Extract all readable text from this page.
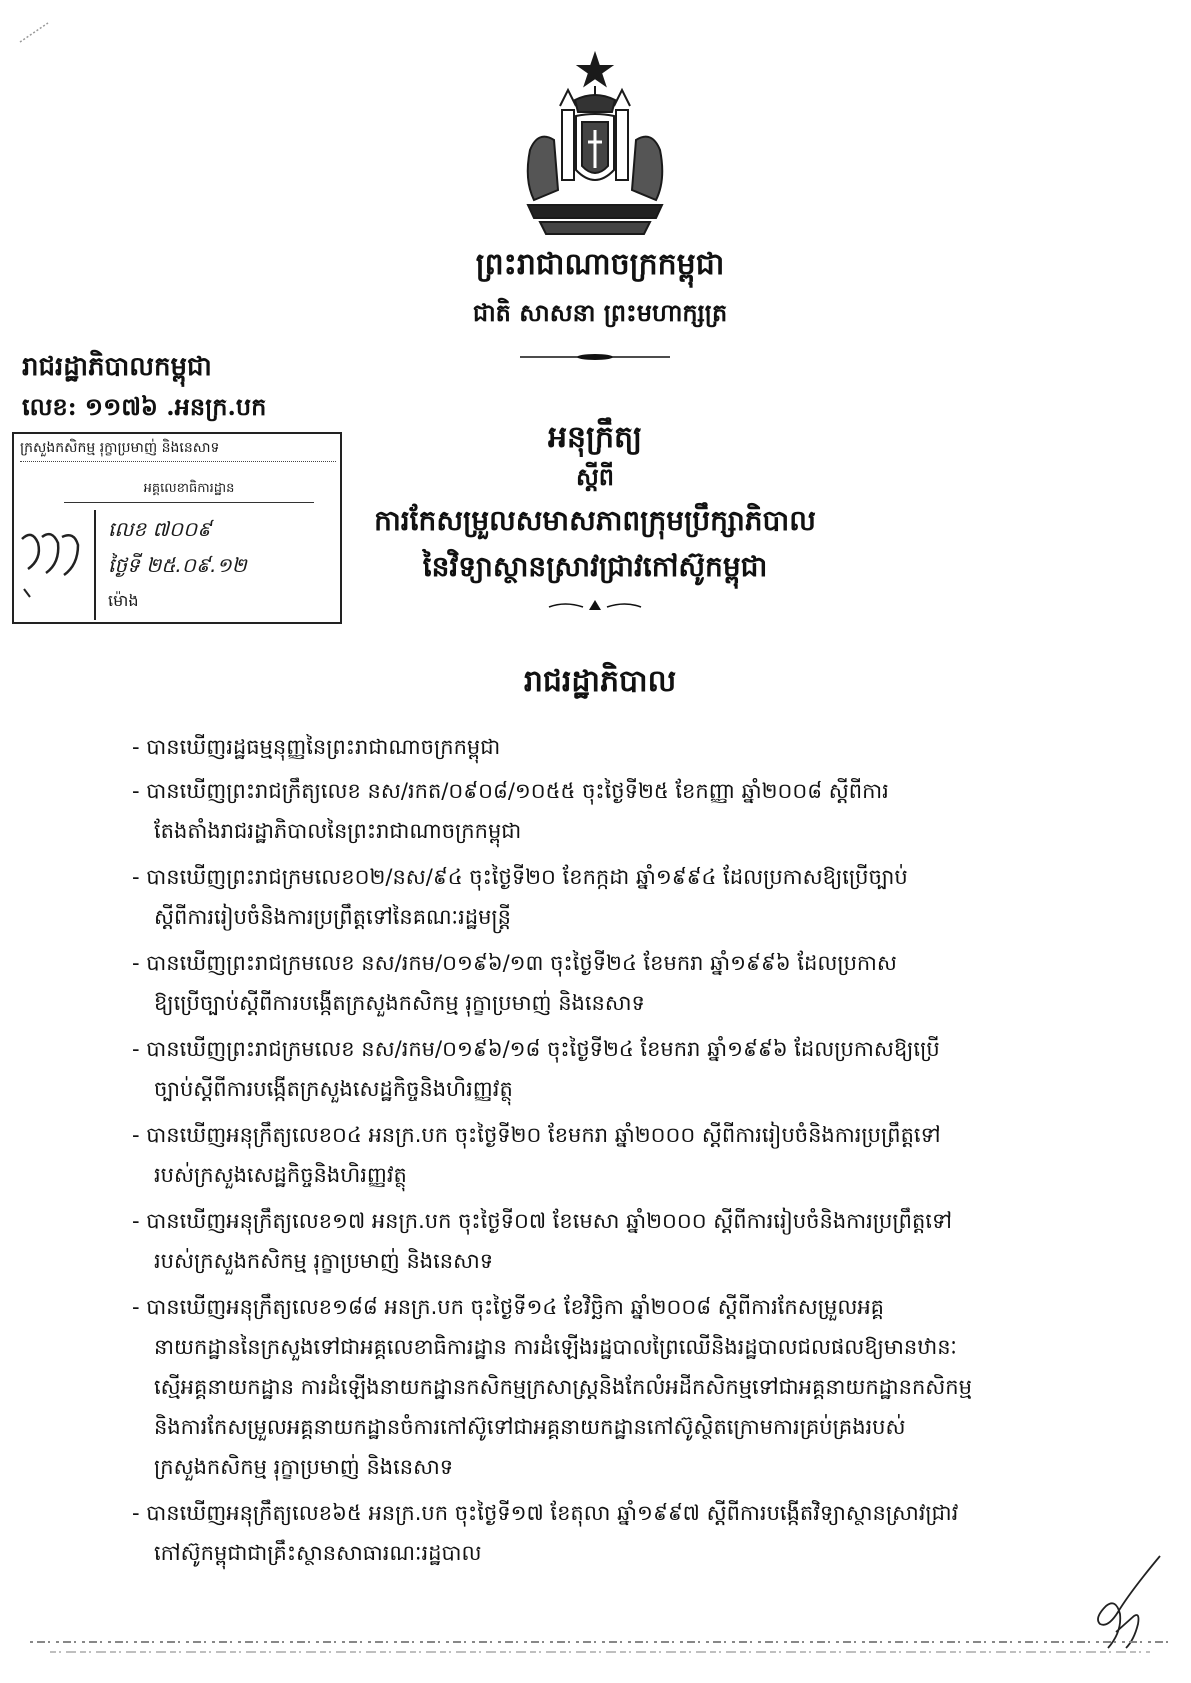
ព្រះរាជាណាចក្រកម្ពុជា
ជាតិ សាសនា ព្រះមហាក្សត្រ
រាជរដ្ឋាភិបាលកម្ពុជា
លេខ: ១១៧៦ .អនក្រ.បក
ក្រសួងកសិកម្ម រុក្ខាប្រមាញ់ និងនេសាទ
អគ្គលេខាធិការដ្ឋាន
លេខ ៧០០៩
ថ្ងៃទី ២៥.០៩.១២
ម៉ោង
អនុក្រឹត្យ
ស្ដីពី
ការកែសម្រួលសមាសភាពក្រុមប្រឹក្សាភិបាល
នៃវិទ្យាស្ថានស្រាវជ្រាវកៅស៊ូកម្ពុជា
រាជរដ្ឋាភិបាល
- បានឃើញរដ្ឋធម្មនុញ្ញនៃព្រះរាជាណាចក្រកម្ពុជា
- បានឃើញព្រះរាជក្រឹត្យលេខ នស/រកត/០៩០៨/១០៥៥ ចុះថ្ងៃទី២៥ ខែកញ្ញា ឆ្នាំ២០០៨ ស្ដីពីការ
តែងតាំងរាជរដ្ឋាភិបាលនៃព្រះរាជាណាចក្រកម្ពុជា
- បានឃើញព្រះរាជក្រមលេខ០២/នស/៩៤ ចុះថ្ងៃទី២០ ខែកក្កដា ឆ្នាំ១៩៩៤ ដែលប្រកាសឱ្យប្រើច្បាប់
ស្ដីពីការរៀបចំនិងការប្រព្រឹត្តទៅនៃគណៈរដ្ឋមន្ត្រី
- បានឃើញព្រះរាជក្រមលេខ នស/រកម/០១៩៦/១៣ ចុះថ្ងៃទី២៤ ខែមករា ឆ្នាំ១៩៩៦ ដែលប្រកាស
ឱ្យប្រើច្បាប់ស្ដីពីការបង្កើតក្រសួងកសិកម្ម រុក្ខាប្រមាញ់ និងនេសាទ
- បានឃើញព្រះរាជក្រមលេខ នស/រកម/០១៩៦/១៨ ចុះថ្ងៃទី២៤ ខែមករា ឆ្នាំ១៩៩៦ ដែលប្រកាសឱ្យប្រើ
ច្បាប់ស្ដីពីការបង្កើតក្រសួងសេដ្ឋកិច្ចនិងហិរញ្ញវត្ថុ
- បានឃើញអនុក្រឹត្យលេខ០៤ អនក្រ.បក ចុះថ្ងៃទី២០ ខែមករា ឆ្នាំ២០០០ ស្ដីពីការរៀបចំនិងការប្រព្រឹត្តទៅ
របស់ក្រសួងសេដ្ឋកិច្ចនិងហិរញ្ញវត្ថុ
- បានឃើញអនុក្រឹត្យលេខ១៧ អនក្រ.បក ចុះថ្ងៃទី០៧ ខែមេសា ឆ្នាំ២០០០ ស្ដីពីការរៀបចំនិងការប្រព្រឹត្តទៅ
របស់ក្រសួងកសិកម្ម រុក្ខាប្រមាញ់ និងនេសាទ
- បានឃើញអនុក្រឹត្យលេខ១៨៨ អនក្រ.បក ចុះថ្ងៃទី១៤ ខែវិច្ឆិកា ឆ្នាំ២០០៨ ស្ដីពីការកែសម្រួលអគ្គ
នាយកដ្ឋាននៃក្រសួងទៅជាអគ្គលេខាធិការដ្ឋាន ការដំឡើងរដ្ឋបាលព្រៃឈើនិងរដ្ឋបាលជលផលឱ្យមានឋានៈ
ស្មើអគ្គនាយកដ្ឋាន ការដំឡើងនាយកដ្ឋានកសិកម្មក្រសាស្ត្រនិងកែលំអដីកសិកម្មទៅជាអគ្គនាយកដ្ឋានកសិកម្ម
និងការកែសម្រួលអគ្គនាយកដ្ឋានចំការកៅស៊ូទៅជាអគ្គនាយកដ្ឋានកៅស៊ូស្ថិតក្រោមការគ្រប់គ្រងរបស់
ក្រសួងកសិកម្ម រុក្ខាប្រមាញ់ និងនេសាទ
- បានឃើញអនុក្រឹត្យលេខ៦៥ អនក្រ.បក ចុះថ្ងៃទី១៧ ខែតុលា ឆ្នាំ១៩៩៧ ស្ដីពីការបង្កើតវិទ្យាស្ថានស្រាវជ្រាវ
កៅស៊ូកម្ពុជាជាគ្រឹះស្ថានសាធារណៈរដ្ឋបាល
